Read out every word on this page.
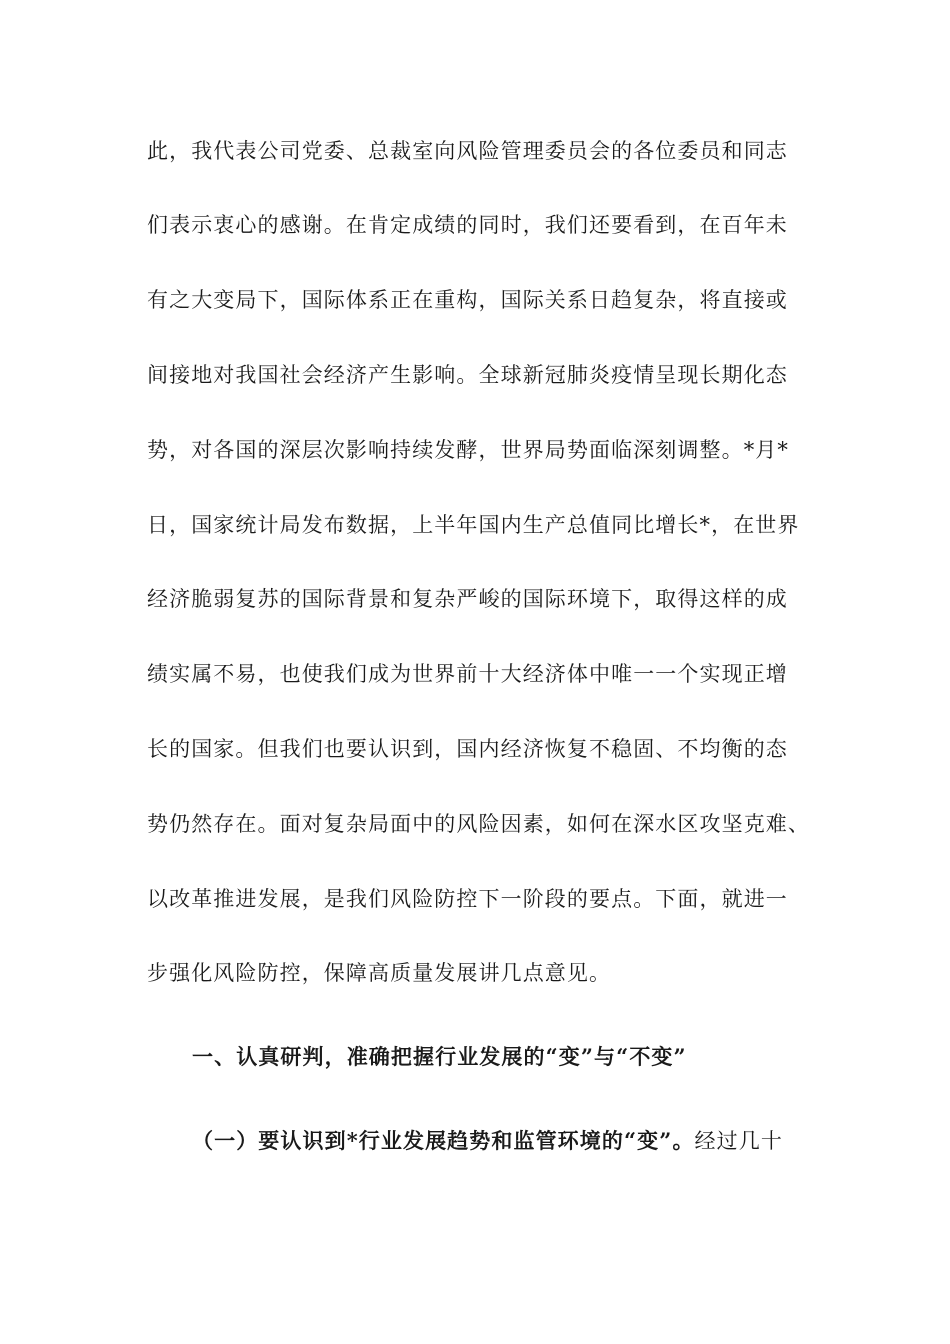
此，我代表公司党委、总裁室向风险管理委员会的各位委员和同志
们表示衷心的感谢。在肯定成绩的同时，我们还要看到，在百年未
有之大变局下，国际体系正在重构，国际关系日趋复杂，将直接或
间接地对我国社会经济产生影响。全球新冠肺炎疫情呈现长期化态
势，对各国的深层次影响持续发酵，世界局势面临深刻调整。*月*
日，国家统计局发布数据，上半年国内生产总值同比增长*，在世界
经济脆弱复苏的国际背景和复杂严峻的国际环境下，取得这样的成
绩实属不易，也使我们成为世界前十大经济体中唯一一个实现正增
长的国家。但我们也要认识到，国内经济恢复不稳固、不均衡的态
势仍然存在。面对复杂局面中的风险因素，如何在深水区攻坚克难、
以改革推进发展，是我们风险防控下一阶段的要点。下面，就进一
步强化风险防控，保障高质量发展讲几点意见。
一、认真研判，准确把握行业发展的“变”与“不变”
（一）要认识到*行业发展趋势和监管环境的“变”。经过几十
